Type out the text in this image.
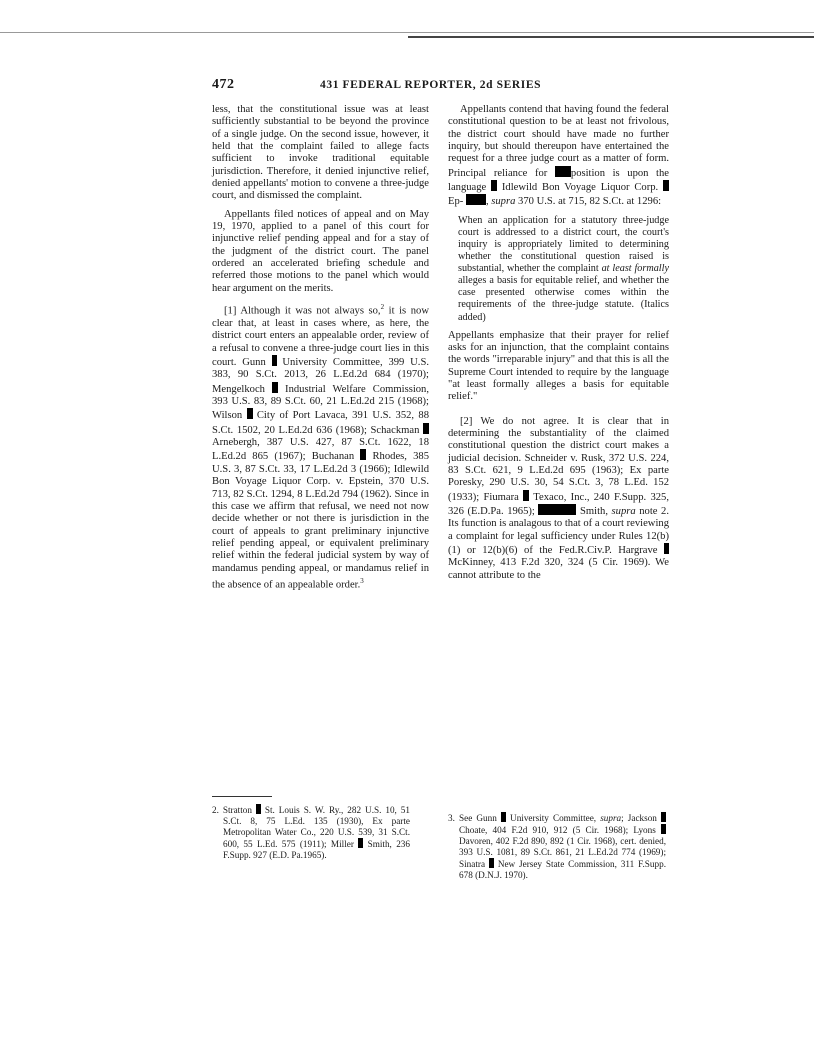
472	431 FEDERAL REPORTER, 2d SERIES

less, that the constitutional issue was at least sufficiently substantial to be beyond the province of a single judge. On the second issue, however, it held that the complaint failed to allege facts sufficient to invoke traditional equitable jurisdiction. Therefore, it denied injunctive relief, denied appellants' motion to convene a three-judge court, and dismissed the complaint.

Appellants filed notices of appeal and on May 19, 1970, applied to a panel of this court for injunctive relief pending appeal and for a stay of the judgment of the district court. The panel ordered an accelerated briefing schedule and referred those motions to the panel which would hear argument on the merits.

[1] Although it was not always so,$^2$ it is now clear that, at least in cases where, as here, the district court enters an appealable order, review of a refusal to convene a three-judge court lies in this court. Gunn  University Committee, 399 U.S. 383, 90 S.Ct. 2013, 26 L.Ed.2d 684 (1970); Mengelkoch  Industrial Welfare Commission, 393 U.S. 83, 89 S.Ct. 60, 21 L.Ed.2d 215 (1968); Wilson  City of Port Lavaca, 391 U.S. 352, 88 S.Ct. 1502, 20 L.Ed.2d 636 (1968); Schackman  Arnebergh, 387 U.S. 427, 87 S.Ct. 1622, 18 L.Ed.2d 865 (1967); Buchanan  Rhodes, 385 U.S. 3, 87 S.Ct. 33, 17 L.Ed.2d 3 (1966); Idlewild Bon Voyage Liquor Corp. v. Epstein, 370 U.S. 713, 82 S.Ct. 1294, 8 L.Ed.2d 794 (1962). Since in this case we affirm that refusal, we need not now decide whether or not there is jurisdiction in the court of appeals to grant preliminary injunctive relief pending appeal, or equivalent preliminary relief within the federal judicial system by way of mandamus pending appeal, or mandamus relief in the absence of an appealable order.$^3$

Appellants contend that having found the federal constitutional question to be at least not frivolous, the district court should have made no further inquiry, but should thereupon have entertained the request for a three judge court as a matter of form. Principal reliance for position is upon the language  Idlewild Bon Voyage Liquor Corp.  Ep- , supra 370 U.S. at 715, 82 S.Ct. at 1296:

When an application for a statutory three-judge court is addressed to a district court, the court's inquiry is appropriately limited to determining whether the constitutional question raised is substantial, whether the complaint at least formally alleges a basis for equitable relief, and whether the case presented otherwise comes within the requirements of the three-judge statute. (Italics added)

Appellants emphasize that their prayer for relief asks for an injunction, that the complaint contains the words "irreparable injury" and that this is all the Supreme Court intended to require by the language "at least formally alleges a basis for equitable relief."

[2] We do not agree. It is clear that in determining the substantiality of the claimed constitutional question the district court makes a judicial decision. Schneider v. Rusk, 372 U.S. 224, 83 S.Ct. 621, 9 L.Ed.2d 695 (1963); Ex parte Poresky, 290 U.S. 30, 54 S.Ct. 3, 78 L.Ed. 152 (1933); Fiumara  Texaco, Inc., 240 F.Supp. 325, 326 (E.D.Pa. 1965);	Smith, supra note 2. Its function is analagous to that of a court reviewing a complaint for legal sufficiency under Rules 12(b)(1) or 12(b)(6) of the Fed.R.Civ.P. Hargrave  McKinney, 413 F.2d 320, 324 (5 Cir. 1969). We cannot attribute to the

2. Stratton  St. Louis S. W. Ry., 282 U.S. 10, 51 S.Ct. 8, 75 L.Ed. 135 (1930), Ex parte Metropolitan Water Co., 220 U.S. 539, 31 S.Ct. 600, 55 L.Ed. 575 (1911); Miller  Smith, 236 F.Supp. 927 (E.D. Pa.1965).

3. See Gunn  University Committee, supra; Jackson  Choate, 404 F.2d 910, 912 (5 Cir. 1968); Lyons  Davoren, 402 F.2d 890, 892 (1 Cir. 1968), cert. denied, 393 U.S. 1081, 89 S.Ct. 861, 21 L.Ed.2d 774 (1969); Sinatra  New Jersey State Commission, 311 F.Supp. 678 (D.N.J. 1970).
